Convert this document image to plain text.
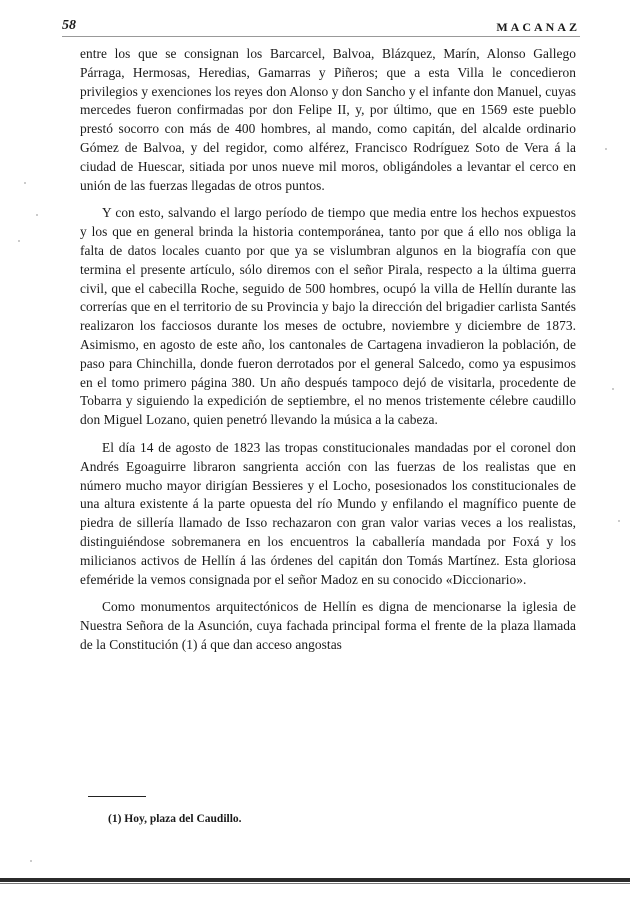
58	MACANAZ

entre los que se consignan los Barcarcel, Balvoa, Blázquez, Marín, Alonso Gallego Párraga, Hermosas, Heredias, Gamarras y Piñeros; que a esta Villa le concedieron privilegios y exenciones los reyes don Alonso y don Sancho y el infante don Manuel, cuyas mercedes fueron confirmadas por don Felipe II, y, por último, que en 1569 este pueblo prestó socorro con más de 400 hombres, al mando, como capitán, del alcalde ordinario Gómez de Balvoa, y del regidor, como alférez, Francisco Rodríguez Soto de Vera á la ciudad de Huescar, sitiada por unos nueve mil moros, obligándoles a levantar el cerco en unión de las fuerzas llegadas de otros puntos.

Y con esto, salvando el largo período de tiempo que media entre los hechos expuestos y los que en general brinda la historia contemporánea, tanto por que á ello nos obliga la falta de datos locales cuanto por que ya se vislumbran algunos en la biografía con que termina el presente artículo, sólo diremos con el señor Pirala, respecto a la última guerra civil, que el cabecilla Roche, seguido de 500 hombres, ocupó la villa de Hellín durante las correrías que en el territorio de su Provincia y bajo la dirección del brigadier carlista Santés realizaron los facciosos durante los meses de octubre, noviembre y diciembre de 1873. Asimismo, en agosto de este año, los cantonales de Cartagena invadieron la población, de paso para Chinchilla, donde fueron derrotados por el general Salcedo, como ya espusimos en el tomo primero página 380. Un año después tampoco dejó de visitarla, procedente de Tobarra y siguiendo la expedición de septiembre, el no menos tristemente célebre caudillo don Miguel Lozano, quien penetró llevando la música a la cabeza.

El día 14 de agosto de 1823 las tropas constitucionales mandadas por el coronel don Andrés Egoaguirre libraron sangrienta acción con las fuerzas de los realistas que en número mucho mayor dirigían Bessieres y el Locho, posesionados los constitucionales de una altura existente á la parte opuesta del río Mundo y enfilando el magnífico puente de piedra de sillería llamado de Isso rechazaron con gran valor varias veces a los realistas, distinguiéndose sobremanera en los encuentros la caballería mandada por Foxá y los milicianos activos de Hellín á las órdenes del capitán don Tomás Martínez. Esta gloriosa efeméride la vemos consignada por el señor Madoz en su conocido «Diccionario».

Como monumentos arquitectónicos de Hellín es digna de mencionarse la iglesia de Nuestra Señora de la Asunción, cuya fachada principal forma el frente de la plaza llamada de la Constitución (1) á que dan acceso angostas

(1) Hoy, plaza del Caudillo.
